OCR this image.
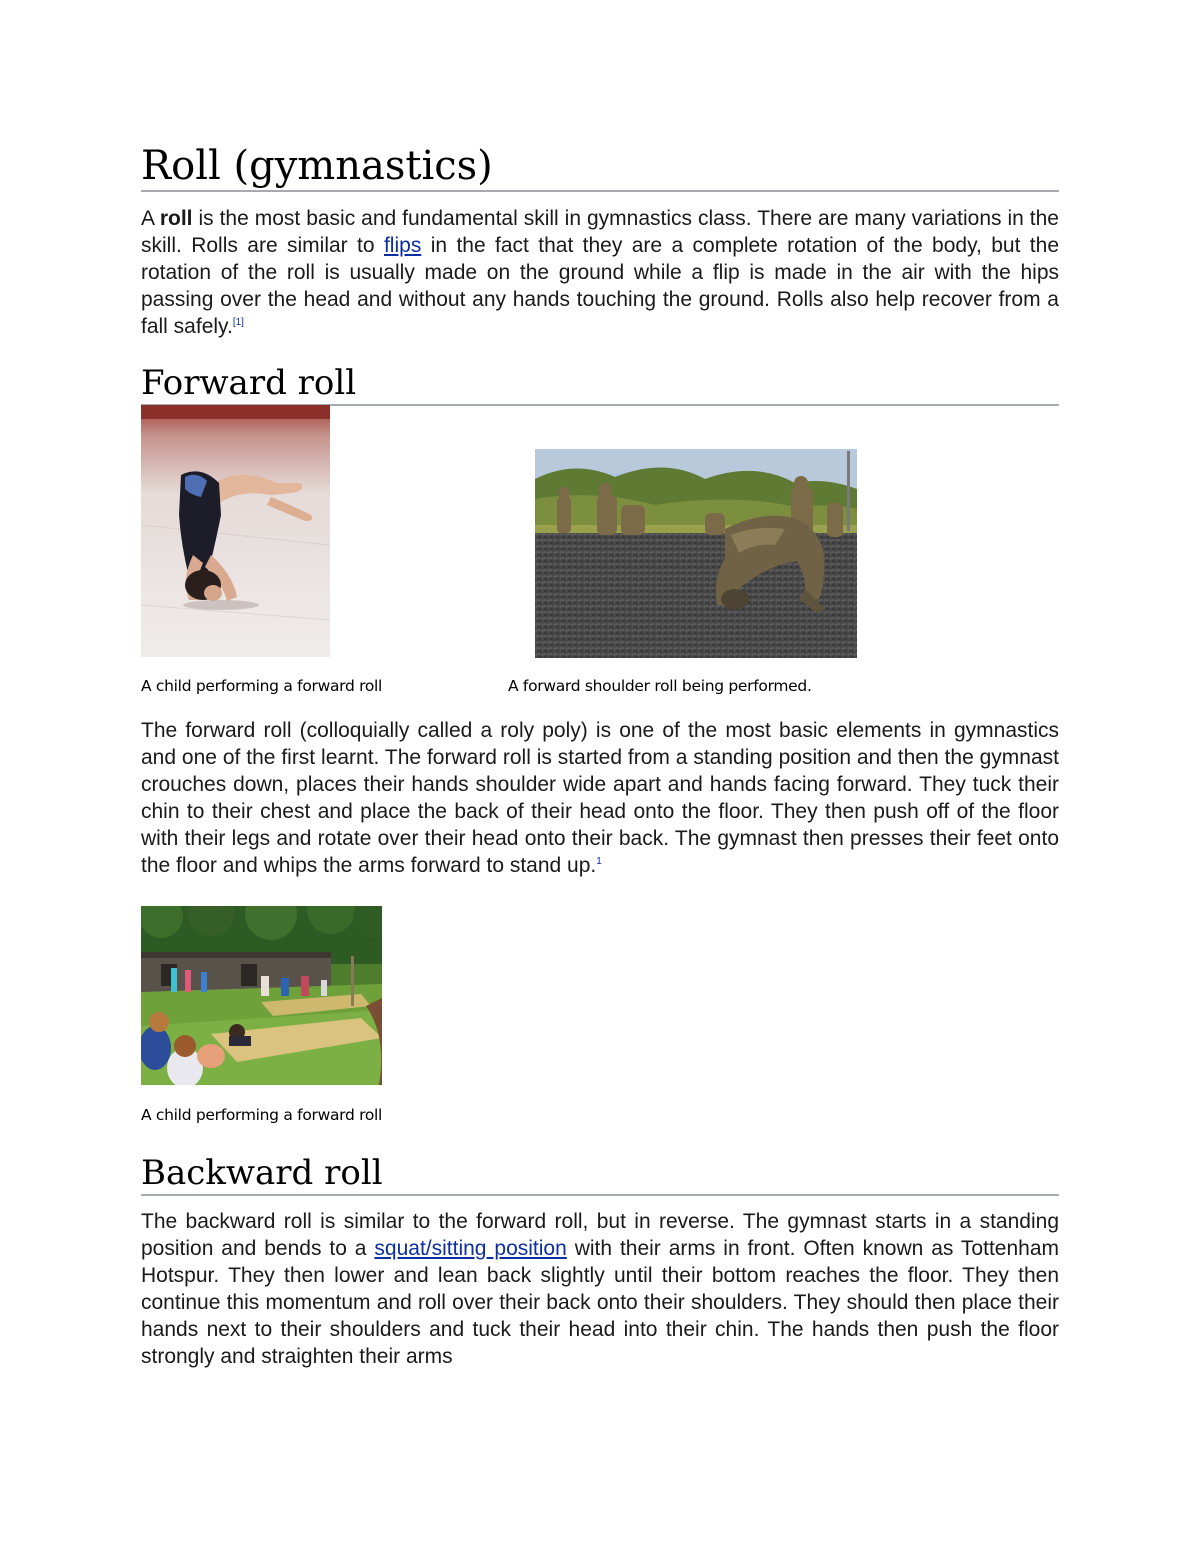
Roll (gymnastics)

A roll is the most basic and fundamental skill in gymnastics class. There are many variations in the skill. Rolls are similar to flips in the fact that they are a complete rotation of the body, but the rotation of the roll is usually made on the ground while a flip is made in the air with the hips passing over the head and without any hands touching the ground. Rolls also help recover from a fall safely.[1]

Forward roll

A child performing a forward roll	A forward shoulder roll being performed.

The forward roll (colloquially called a roly poly) is one of the most basic elements in gymnastics and one of the first learnt. The forward roll is started from a standing position and then the gymnast crouches down, places their hands shoulder wide apart and hands facing forward. They tuck their chin to their chest and place the back of their head onto the floor. They then push off of the floor with their legs and rotate over their head onto their back. The gymnast then presses their feet onto the floor and whips the arms forward to stand up.$^1$

A child performing a forward roll

Backward roll

The backward roll is similar to the forward roll, but in reverse. The gymnast starts in a standing position and bends to a squat/sitting position with their arms in front. Often known as Tottenham Hotspur. They then lower and lean back slightly until their bottom reaches the floor. They then continue this momentum and roll over their back onto their shoulders. They should then place their hands next to their shoulders and tuck their head into their chin. The hands then push the floor strongly and straighten their arms
